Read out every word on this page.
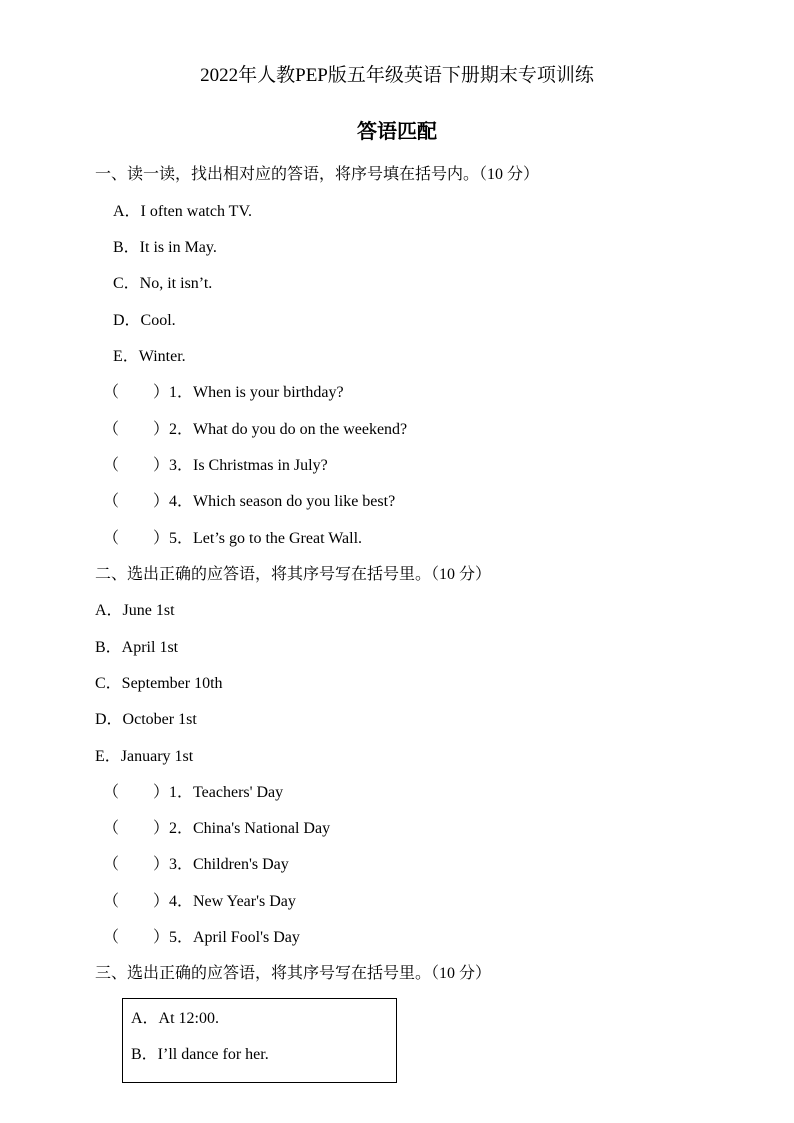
2022年人教PEP版五年级英语下册期末专项训练
答语匹配
一、读一读，找出相对应的答语，将序号填在括号内。（10 分）
A．I often watch TV.
B．It is in May.
C．No, it isn’t.
D．Cool.
E．Winter.
（ ）1．When is your birthday?
（ ）2．What do you do on the weekend?
（ ）3．Is Christmas in July?
（ ）4．Which season do you like best?
（ ）5．Let’s go to the Great Wall.
二、选出正确的应答语，将其序号写在括号里。（10 分）
A．June 1st
B．April 1st
C．September 10th
D．October 1st
E．January 1st
（ ）1．Teachers' Day
（ ）2．China's National Day
（ ）3．Children's Day
（ ）4．New Year's Day
（ ）5．April Fool's Day
三、选出正确的应答语，将其序号写在括号里。（10 分）
A．At 12:00.
B．I’ll dance for her.
